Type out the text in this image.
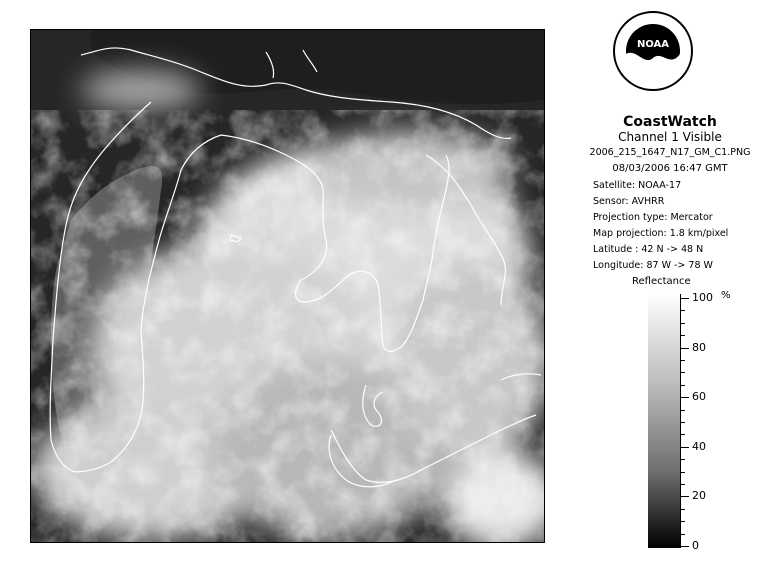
NOAA
CoastWatch
Channel 1 Visible
2006_215_1647_N17_GM_C1.PNG
08/03/2006 16:47 GMT
Satellite: NOAA-17
Sensor: AVHRR
Projection type: Mercator
Map projection: 1.8 km/pixel
Latitude : 42 N -> 48 N
Longitude: 87 W -> 78 W
Reflectance
%
100
80
60
40
20
0
